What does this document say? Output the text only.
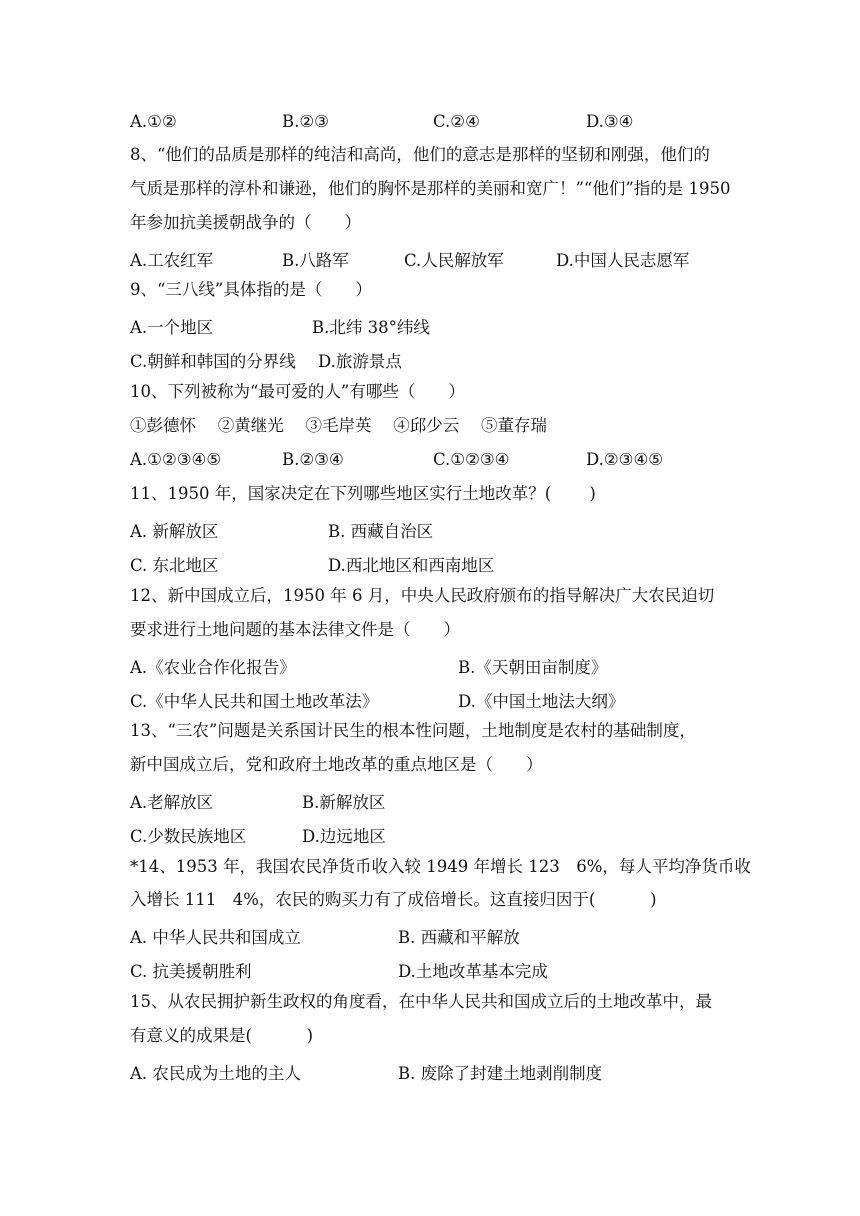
A.①②	B.②③	C.②④	D.③④
8、“他们的品质是那样的纯洁和高尚，他们的意志是那样的坚韧和刚强，他们的
气质是那样的淳朴和谦逊，他们的胸怀是那样的美丽和宽广！”“他们”指的是 1950
年参加抗美援朝战争的（　　）
A.工农红军	B.八路军	C.人民解放军	D.中国人民志愿军
9、“三八线”具体指的是（　　）
A.一个地区	B.北纬 38°纬线
C.朝鲜和韩国的分界线 D.旅游景点
10、下列被称为“最可爱的人”有哪些（　　）
①彭德怀　 ②黄继光　 ③毛岸英　 ④邱少云　 ⑤董存瑞
A.①②③④⑤	B.②③④	C.①②③④	D.②③④⑤
11、1950 年，国家决定在下列哪些地区实行土地改革？(　　 )
A. 新解放区	B. 西藏自治区
C. 东北地区	D.西北地区和西南地区
12、新中国成立后，1950 年 6 月，中央人民政府颁布的指导解决广大农民迫切
要求进行土地问题的基本法律文件是（　　）
A.《农业合作化报告》	B.《天朝田亩制度》
C.《中华人民共和国土地改革法》	D.《中国土地法大纲》
13、“三农”问题是关系国计民生的根本性问题，土地制度是农村的基础制度，
新中国成立后，党和政府土地改革的重点地区是（　　）
A.老解放区	B.新解放区
C.少数民族地区	D.边远地区
*14、1953 年，我国农民净货币收入较 1949 年增长 123　6%，每人平均净货币收
入增长 111　4%，农民的购买力有了成倍增长。这直接归因于(　　　 )
A. 中华人民共和国成立	B. 西藏和平解放
C. 抗美援朝胜利	D.土地改革基本完成
15、从农民拥护新生政权的角度看，在中华人民共和国成立后的土地改革中，最
有意义的成果是(　　　 )
A. 农民成为土地的主人	B. 废除了封建土地剥削制度
